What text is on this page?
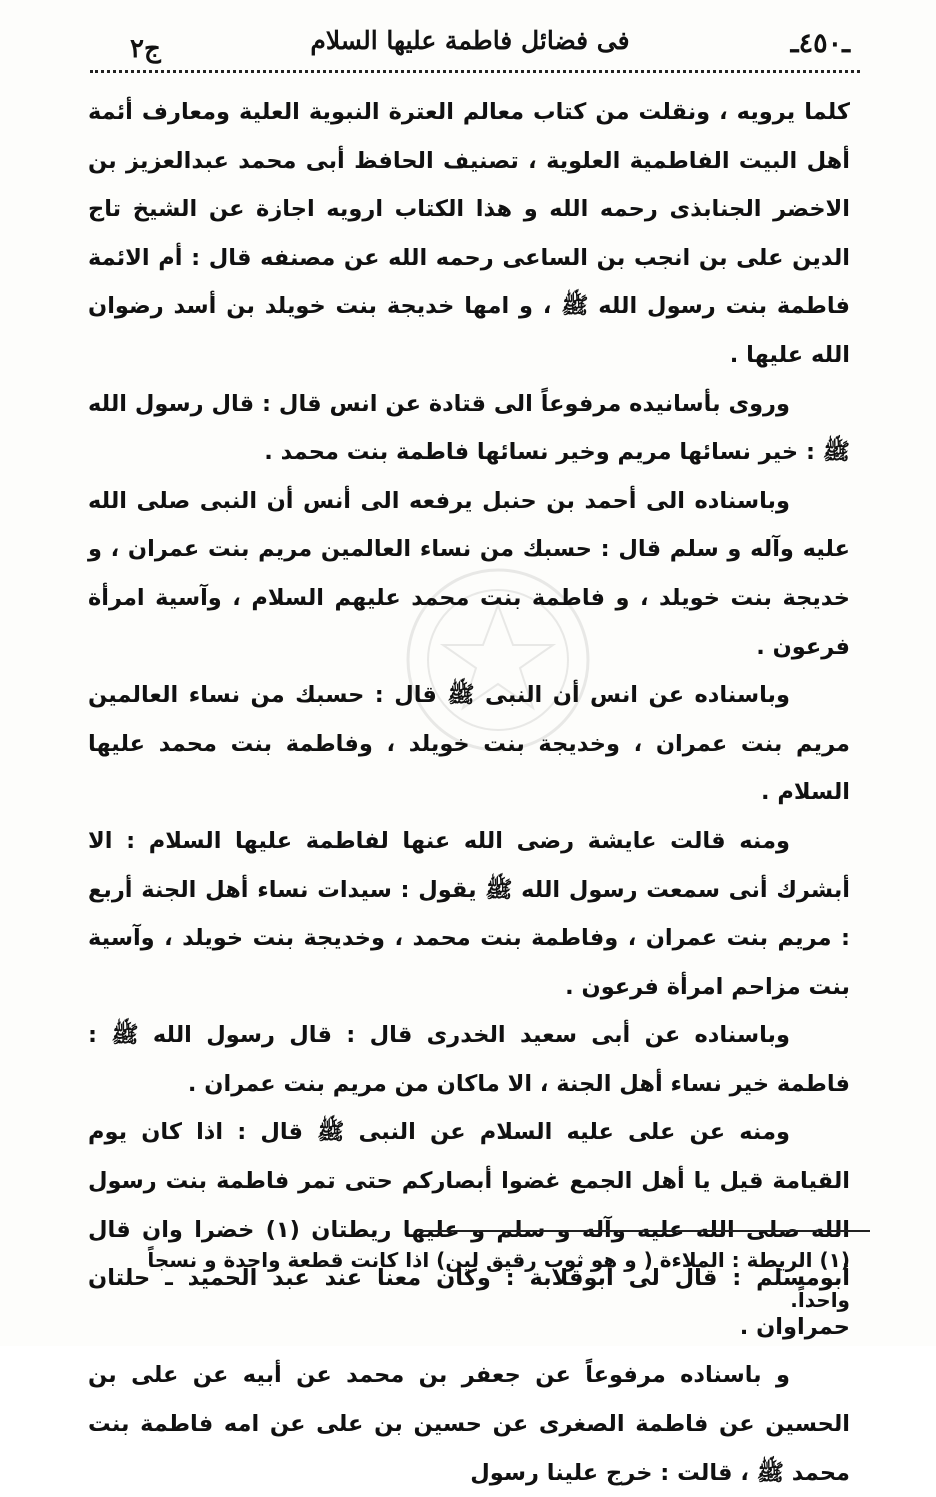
ـ٤٥٠ـ
فى فضائل فاطمة عليها السلام
ج٢

كلما يرويه ، ونقلت من كتاب معالم العترة النبوية العلية ومعارف أئمة أهل البيت الفاطمية العلوية ، تصنيف الحافظ أبى محمد عبدالعزيز بن الاخضر الجنابذى رحمه الله و هذا الكتاب ارويه اجازة عن الشيخ تاج الدين على بن انجب بن الساعى رحمه الله عن مصنفه قال : أم الائمة فاطمة بنت رسول الله ﷺ ، و امها خديجة بنت خويلد بن أسد رضوان الله عليها .

وروى بأسانيده مرفوعاً الى قتادة عن انس قال : قال رسول الله ﷺ : خير نسائها مريم وخير نسائها فاطمة بنت محمد .

وباسناده الى أحمد بن حنبل يرفعه الى أنس أن النبى صلى الله عليه وآله و سلم قال : حسبك من نساء العالمين مريم بنت عمران ، و خديجة بنت خويلد ، و فاطمة بنت محمد عليهم السلام ، وآسية امرأة فرعون .

وباسناده عن انس أن النبى ﷺ قال : حسبك من نساء العالمين مريم بنت عمران ، وخديجة بنت خويلد ، وفاطمة بنت محمد عليها السلام .

ومنه قالت عايشة رضى الله عنها لفاطمة عليها السلام : الا أبشرك أنى سمعت رسول الله ﷺ يقول : سيدات نساء أهل الجنة أربع : مريم بنت عمران ، وفاطمة بنت محمد ، وخديجة بنت خويلد ، وآسية بنت مزاحم امرأة فرعون .

وباسناده عن أبى سعيد الخدرى قال : قال رسول الله ﷺ : فاطمة خير نساء أهل الجنة ، الا ماكان من مريم بنت عمران .

ومنه عن على عليه السلام عن النبى ﷺ قال : اذا كان يوم القيامة قيل يا أهل الجمع غضوا أبصاركم حتى تمر فاطمة بنت رسول الله صلى الله عليه وآله و سلم و عليها ريطتان (١) خضرا وان قال أبومسلم : قال لى أبوقلابة : وكان معنا عند عبد الحميد ـ حلتان حمراوان .

و باسناده مرفوعاً عن جعفر بن محمد عن أبيه عن على بن الحسين عن فاطمة الصغرى عن حسين بن على عن امه فاطمة بنت محمد ﷺ ، قالت : خرج علينا رسول

(١) الريطة : الملاءة ( و هو ثوب رقيق لين) اذا كانت قطعة واحدة و نسجاً واحداً.
